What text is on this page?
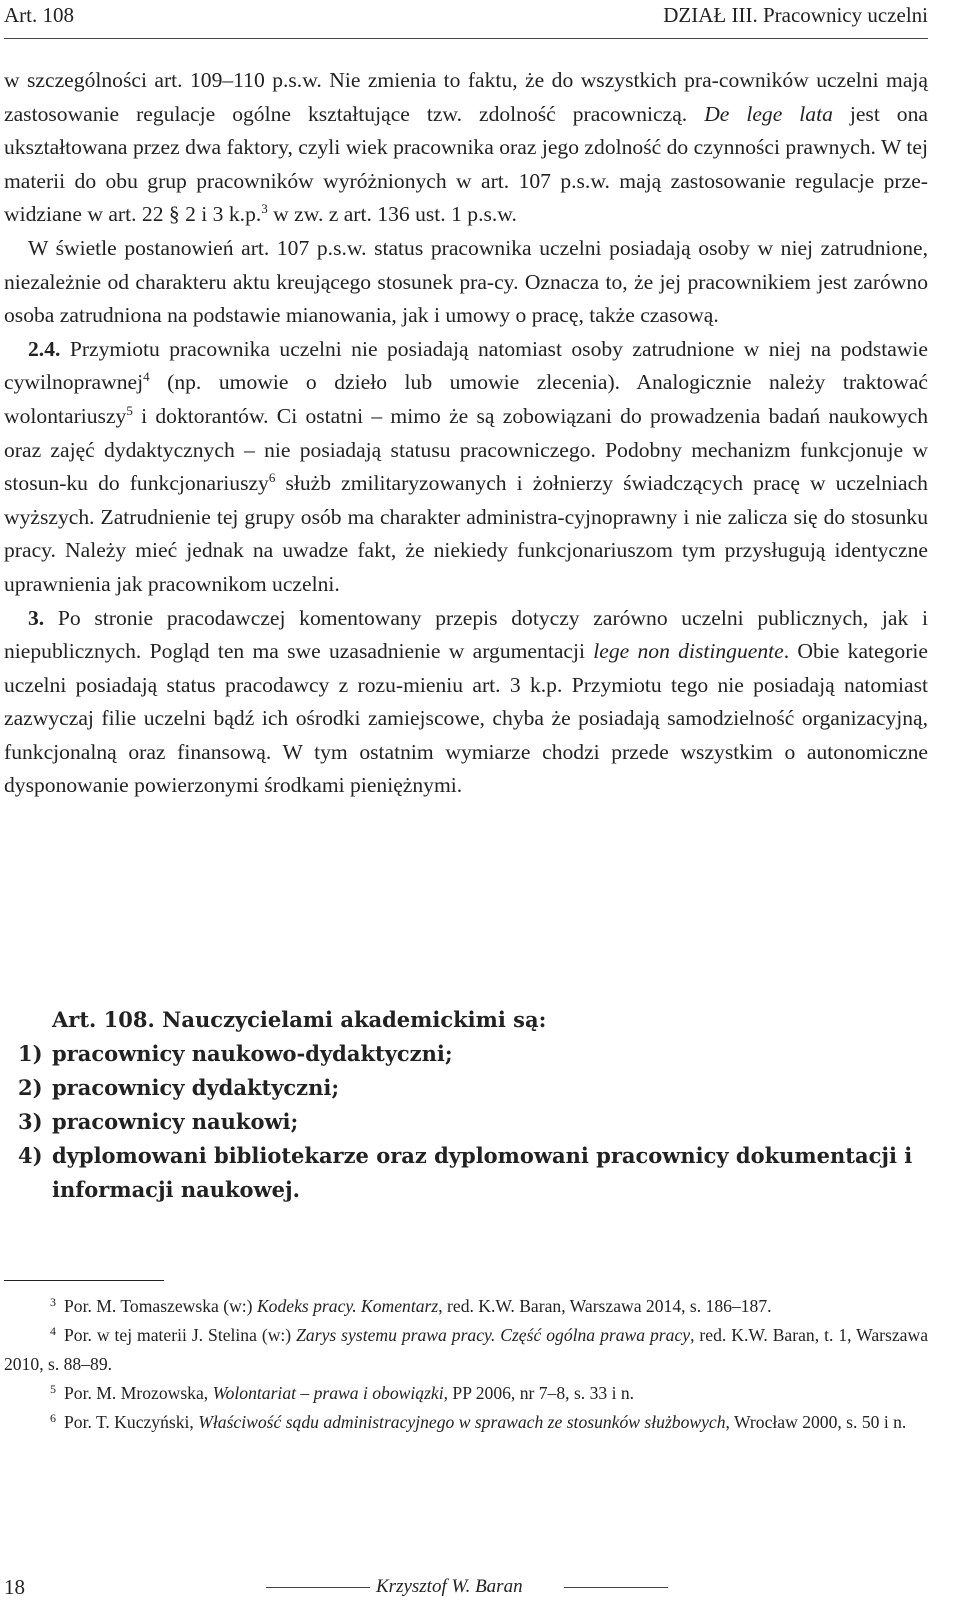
Art. 108	DZIAŁ III. Pracownicy uczelni

w szczególności art. 109–110 p.s.w. Nie zmienia to faktu, że do wszystkich pra-cowników uczelni mają zastosowanie regulacje ogólne kształtujące tzw. zdolność pracowniczą. De lege lata jest ona ukształtowana przez dwa faktory, czyli wiek pracownika oraz jego zdolność do czynności prawnych. W tej materii do obu grup pracowników wyróżnionych w art. 107 p.s.w. mają zastosowanie regulacje prze-widziane w art. 22 § 2 i 3 k.p.$^3$ w zw. z art. 136 ust. 1 p.s.w.

W świetle postanowień art. 107 p.s.w. status pracownika uczelni posiadają osoby w niej zatrudnione, niezależnie od charakteru aktu kreującego stosunek pra-cy. Oznacza to, że jej pracownikiem jest zarówno osoba zatrudniona na podstawie mianowania, jak i umowy o pracę, także czasową.

2.4. Przymiotu pracownika uczelni nie posiadają natomiast osoby zatrudnione w niej na podstawie cywilnoprawnej$^4$ (np. umowie o dzieło lub umowie zlecenia). Analogicznie należy traktować wolontariuszy$^5$ i doktorantów. Ci ostatni – mimo że są zobowiązani do prowadzenia badań naukowych oraz zajęć dydaktycznych – nie posiadają statusu pracowniczego. Podobny mechanizm funkcjonuje w stosun-ku do funkcjonariuszy$^6$ służb zmilitaryzowanych i żołnierzy świadczących pracę w uczelniach wyższych. Zatrudnienie tej grupy osób ma charakter administra-cyjnoprawny i nie zalicza się do stosunku pracy. Należy mieć jednak na uwadze fakt, że niekiedy funkcjonariuszom tym przysługują identyczne uprawnienia jak pracownikom uczelni.

3. Po stronie pracodawczej komentowany przepis dotyczy zarówno uczelni publicznych, jak i niepublicznych. Pogląd ten ma swe uzasadnienie w argumentacji lege non distinguente. Obie kategorie uczelni posiadają status pracodawcy z rozu-mieniu art. 3 k.p. Przymiotu tego nie posiadają natomiast zazwyczaj filie uczelni bądź ich ośrodki zamiejscowe, chyba że posiadają samodzielność organizacyjną, funkcjonalną oraz finansową. W tym ostatnim wymiarze chodzi przede wszystkim o autonomiczne dysponowanie powierzonymi środkami pieniężnymi.

Art. 108. Nauczycielami akademickimi są:
1) pracownicy naukowo-dydaktyczni;
2) pracownicy dydaktyczni;
3) pracownicy naukowi;
4) dyplomowani bibliotekarze oraz dyplomowani pracownicy dokumentacji i informacji naukowej.

$^3$ Por. M. Tomaszewska (w:) Kodeks pracy. Komentarz, red. K.W. Baran, Warszawa 2014, s. 186–187.

$^4$ Por. w tej materii J. Stelina (w:) Zarys systemu prawa pracy. Część ogólna prawa pracy, red. K.W. Baran, t. 1, Warszawa 2010, s. 88–89.

$^5$ Por. M. Mrozowska, Wolontariat – prawa i obowiązki, PP 2006, nr 7–8, s. 33 i n.

$^6$ Por. T. Kuczyński, Właściwość sądu administracyjnego w sprawach ze stosunków służbowych, Wrocław 2000, s. 50 i n.

18	Krzysztof W. Baran
